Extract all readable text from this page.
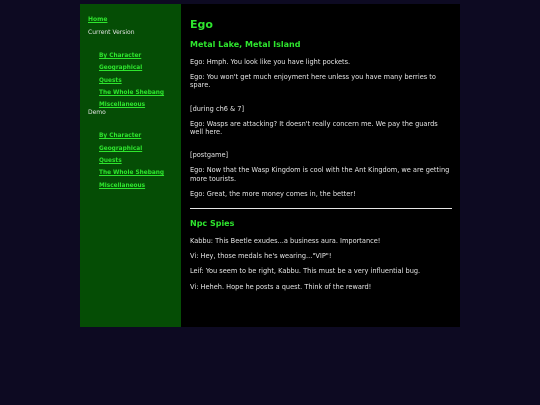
Home
Current Version
By Character
Geographical
Quests
The Whole Shebang
Miscellaneous
Demo
By Character
Geographical
Quests
The Whole Shebang
Miscellaneous
Ego
Metal Lake, Metal Island

Ego: Hmph. You look like you have light pockets.

Ego: You won't get much enjoyment here unless you have many berries to spare.

[during ch6 & 7]

Ego: Wasps are attacking? It doesn't really concern me. We pay the guards well here.

[postgame]

Ego: Now that the Wasp Kingdom is cool with the Ant Kingdom, we are getting more tourists.

Ego: Great, the more money comes in, the better!

Npc Spies

Kabbu: This Beetle exudes...a business aura. Importance!

Vi: Hey, those medals he's wearing..."VIP"!

Leif: You seem to be right, Kabbu. This must be a very influential bug.

Vi: Heheh. Hope he posts a quest. Think of the reward!
